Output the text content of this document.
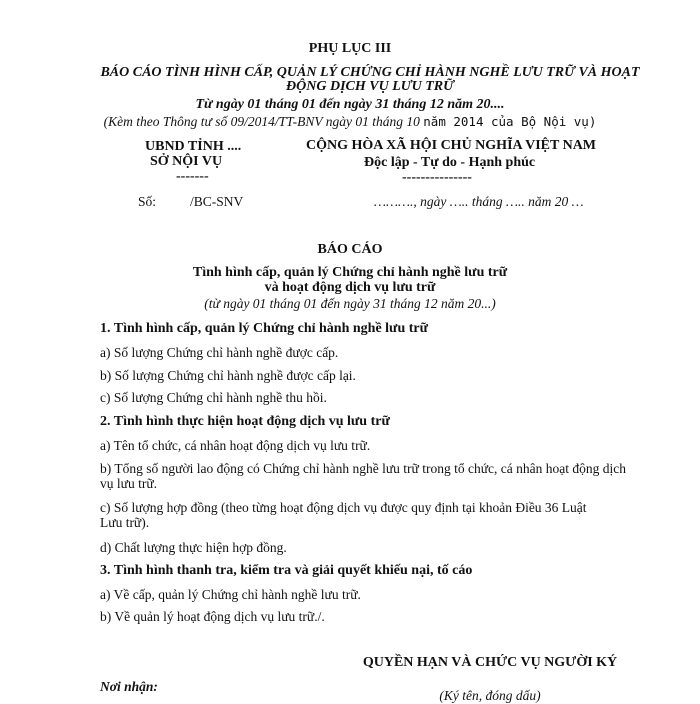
PHỤ LỤC III
BÁO CÁO TÌNH HÌNH CẤP, QUẢN LÝ CHỨNG CHỈ HÀNH NGHỀ LƯU TRỮ VÀ HOẠT ĐỘNG DỊCH VỤ LƯU TRỮ
Từ ngày 01 tháng 01 đến ngày 31 tháng 12 năm 20....
(Kèm theo Thông tư số 09/2014/TT-BNV ngày 01 tháng 10 năm 2014 của Bộ Nội vụ)
UBND TỈNH ....
SỞ NỘI VỤ
-------
CỘNG HÒA XÃ HỘI CHỦ NGHĨA VIỆT NAM
Độc lập - Tự do - Hạnh phúc
---------------
Số:	/BC-SNV	………., ngày ….. tháng ….. năm 20 …
BÁO CÁO
Tình hình cấp, quản lý Chứng chỉ hành nghề lưu trữ
và hoạt động dịch vụ lưu trữ
(từ ngày 01 tháng 01 đến ngày 31 tháng 12 năm 20...)
1. Tình hình cấp, quản lý Chứng chỉ hành nghề lưu trữ
a) Số lượng Chứng chỉ hành nghề được cấp.
b) Số lượng Chứng chỉ hành nghề được cấp lại.
c) Số lượng Chứng chỉ hành nghề thu hồi.
2. Tình hình thực hiện hoạt động dịch vụ lưu trữ
a) Tên tổ chức, cá nhân hoạt động dịch vụ lưu trữ.
b) Tổng số người lao động có Chứng chỉ hành nghề lưu trữ trong tổ chức, cá nhân hoạt động dịch vụ lưu trữ.
c) Số lượng hợp đồng (theo từng hoạt động dịch vụ được quy định tại khoản Điều 36 Luật Lưu trữ).
d) Chất lượng thực hiện hợp đồng.
3. Tình hình thanh tra, kiểm tra và giải quyết khiếu nại, tố cáo
a) Về cấp, quản lý Chứng chỉ hành nghề lưu trữ.
b) Về quản lý hoạt động dịch vụ lưu trữ./.
Nơi nhận:
QUYỀN HẠN VÀ CHỨC VỤ NGƯỜI KÝ
(Ký tên, đóng dấu)
